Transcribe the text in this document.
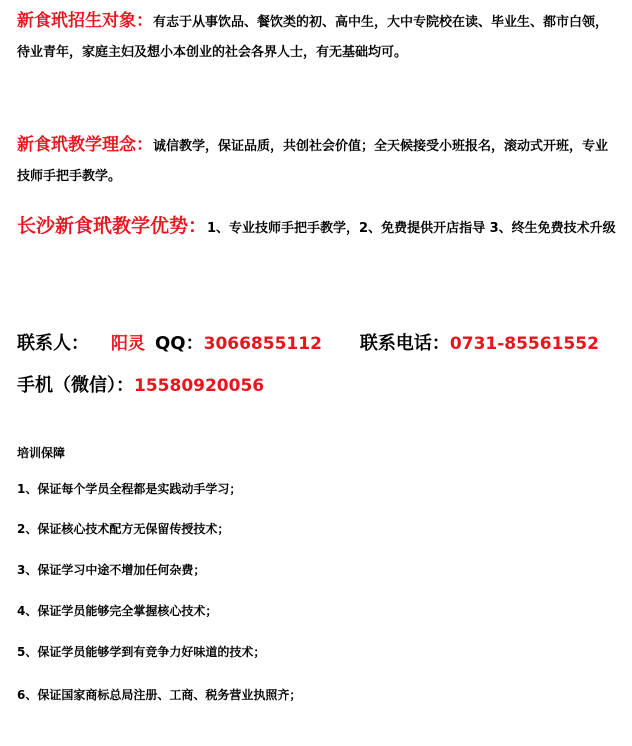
新食玳招生对象：有志于从事饮品、餐饮类的初、高中生，大中专院校在读、毕业生、都市白领，待业青年，家庭主妇及想小本创业的社会各界人士，有无基础均可。

新食玳教学理念：诚信教学，保证品质，共创社会价值；全天候接受小班报名，滚动式开班，专业技师手把手教学。

长沙新食玳教学优势：1、专业技师手把手教学，2、免费提供开店指导 3、终生免费技术升级

联系人： 阳灵 QQ：3066855112 联系电话：0731-85561552
手机（微信）：15580920056
培训保障
1、保证每个学员全程都是实践动手学习；
2、保证核心技术配方无保留传授技术；
3、保证学习中途不增加任何杂费；
4、保证学员能够完全掌握核心技术；
5、保证学员能够学到有竞争力好味道的技术；
6、保证国家商标总局注册、工商、税务营业执照齐；
